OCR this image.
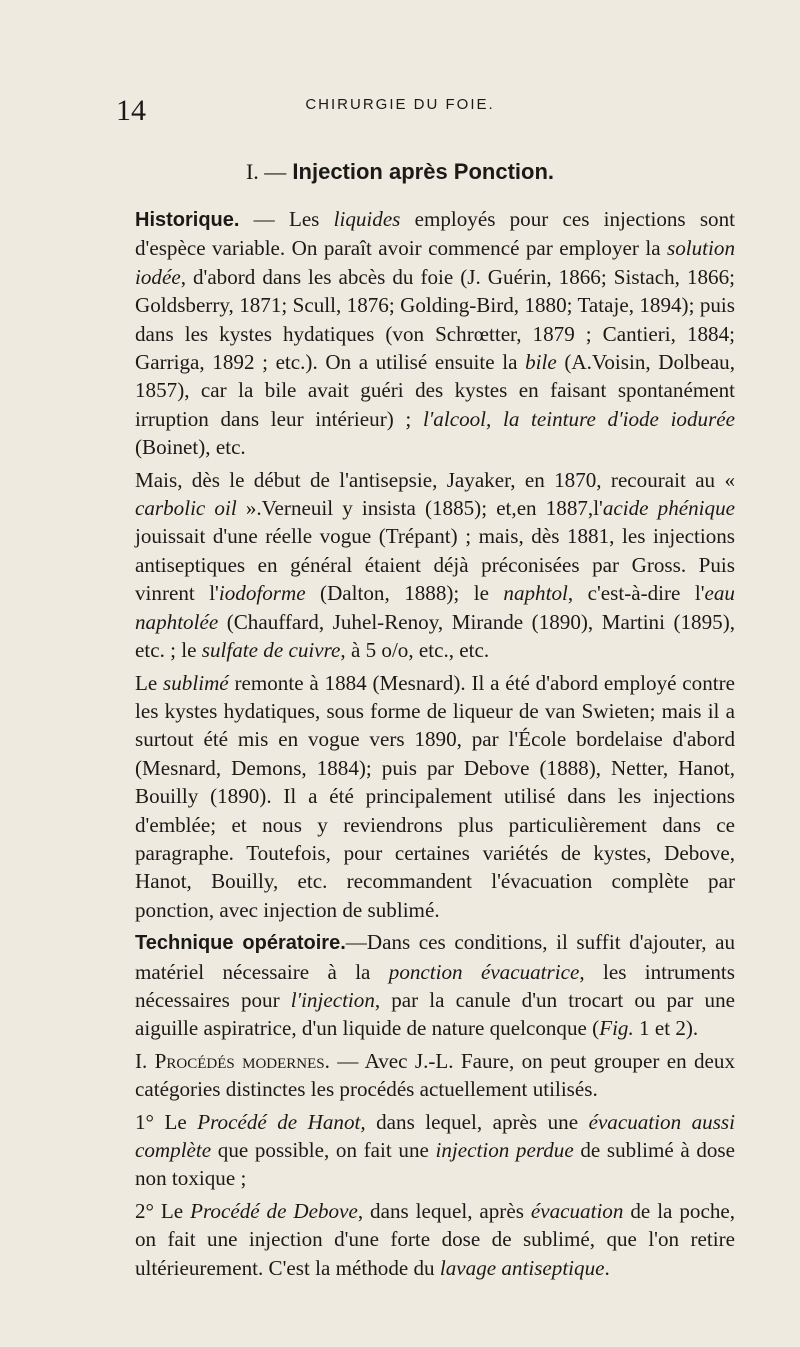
14	CHIRURGIE DU FOIE.
I. — Injection après Ponction.

Historique. — Les liquides employés pour ces injections sont d'espèce variable. On paraît avoir commencé par employer la solution iodée, d'abord dans les abcès du foie (J. Guérin, 1866; Sistach, 1866; Goldsberry, 1871; Scull, 1876; Golding-Bird, 1880; Tataje, 1894); puis dans les kystes hydatiques (von Schrœtter, 1879 ; Cantieri, 1884; Garriga, 1892 ; etc.). On a utilisé ensuite la bile (A.Voisin, Dolbeau, 1857), car la bile avait guéri des kystes en faisant spontanément irruption dans leur intérieur) ; l'alcool, la teinture d'iode iodurée (Boinet), etc.

Mais, dès le début de l'antisepsie, Jayaker, en 1870, recourait au « carbolic oil ».Verneuil y insista (1885); et,en 1887,l'acide phénique jouissait d'une réelle vogue (Trépant) ; mais, dès 1881, les injections antiseptiques en général étaient déjà préconisées par Gross. Puis vinrent l'iodoforme (Dalton, 1888); le naphtol, c'est-à-dire l'eau naphtolée (Chauffard, Juhel-Renoy, Mirande (1890), Martini (1895), etc. ; le sulfate de cuivre, à 5 o/o, etc., etc.

Le sublimé remonte à 1884 (Mesnard). Il a été d'abord employé contre les kystes hydatiques, sous forme de liqueur de van Swieten; mais il a surtout été mis en vogue vers 1890, par l'École bordelaise d'abord (Mesnard, Demons, 1884); puis par Debove (1888), Netter, Hanot, Bouilly (1890). Il a été principalement utilisé dans les injections d'emblée; et nous y reviendrons plus particulièrement dans ce paragraphe. Toutefois, pour certaines variétés de kystes, Debove, Hanot, Bouilly, etc. recommandent l'évacuation complète par ponction, avec injection de sublimé.

Technique opératoire.—Dans ces conditions, il suffit d'ajouter, au matériel nécessaire à la ponction évacuatrice, les intruments nécessaires pour l'injection, par la canule d'un trocart ou par une aiguille aspiratrice, d'un liquide de nature quelconque (Fig. 1 et 2).

I. Procédés modernes. — Avec J.-L. Faure, on peut grouper en deux catégories distinctes les procédés actuellement utilisés.

1° Le Procédé de Hanot, dans lequel, après une évacuation aussi complète que possible, on fait une injection perdue de sublimé à dose non toxique ;

2° Le Procédé de Debove, dans lequel, après évacuation de la poche, on fait une injection d'une forte dose de sublimé, que l'on retire ultérieurement. C'est la méthode du lavage antiseptique.
